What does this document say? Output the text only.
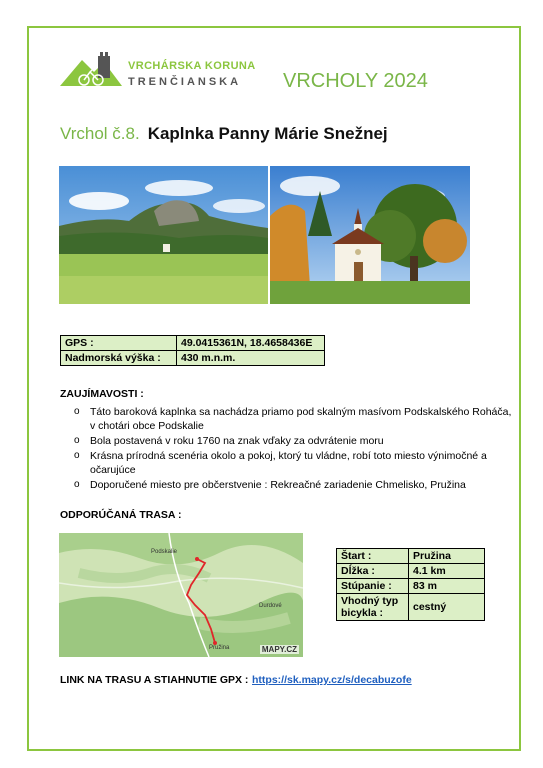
VRCHÁRSKA KORUNA
TRENČIANSKA VRCHOLY 2024
Vrchol č.8. Kaplnka Panny Márie Snežnej
GPS :	49.0415361N, 18.4658436E
Nadmorská výška :	430 m.n.m.
ZAUJÍMAVOSTI :
o Táto baroková kaplnka sa nachádza priamo pod skalným masívom Podskalského Roháča, v chotári obce Podskalie
o Bola postavená v roku 1760 na znak vďaky za odvrátenie moru
o Krásna prírodná scenéria okolo a pokoj, ktorý tu vládne, robí toto miesto výnimočné a očarujúce
o Doporučené miesto pre občerstvenie : Rekreačné zariadenie Chmelisko, Pružina
ODPORÚČANÁ TRASA :
Podskalie
Durdové
Pružina	MAPY.CZ
Štart :	Pružina
Dĺžka :	4.1 km
Stúpanie :	83 m
Vhodný typ bicykla :	cestný
LINK NA TRASU A STIAHNUTIE GPX : https://sk.mapy.cz/s/decabuzofe
